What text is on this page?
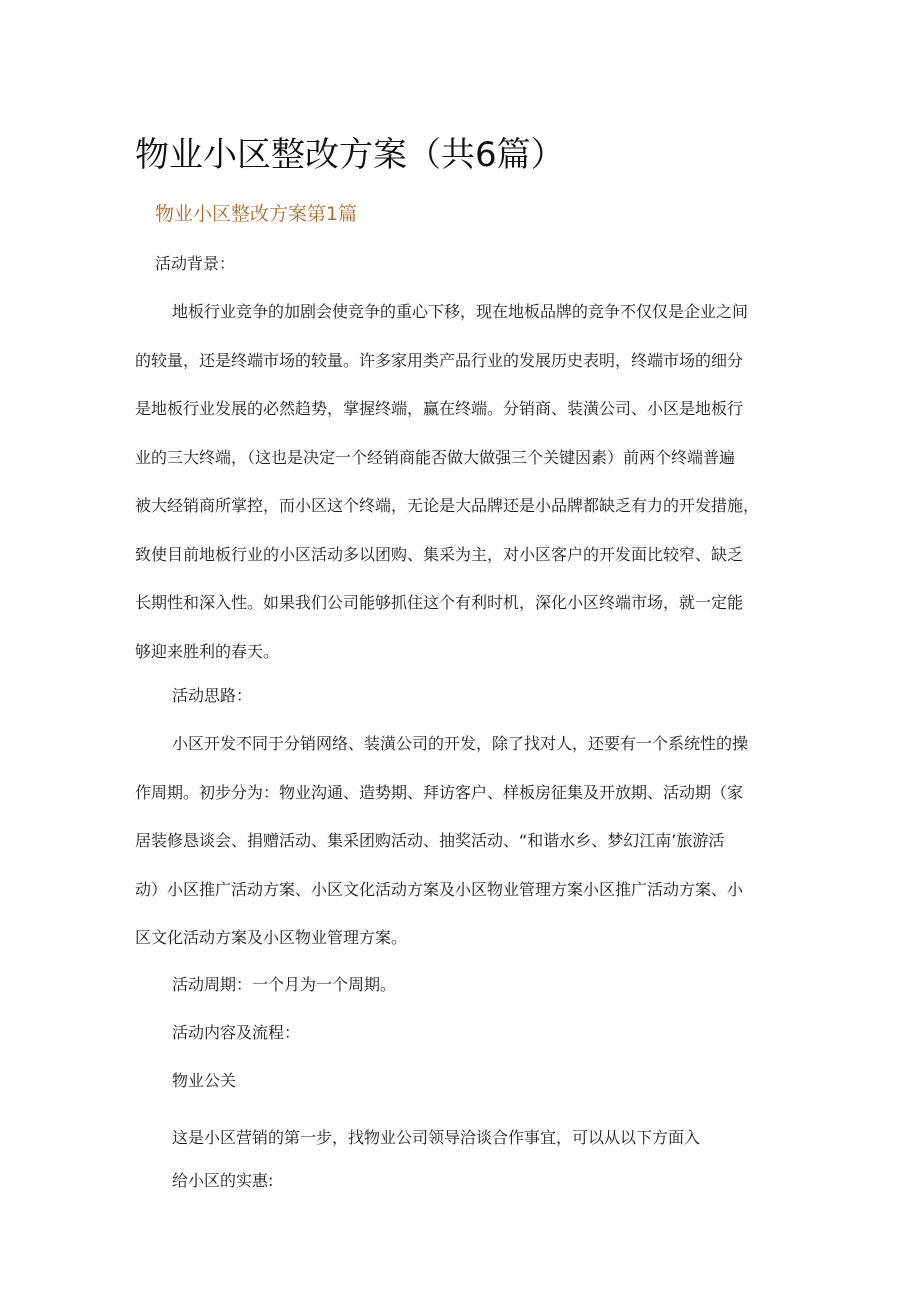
物业小区整改方案（共6篇）
物业小区整改方案第1篇

活动背景：

地板行业竞争的加剧会使竞争的重心下移，现在地板品牌的竞争不仅仅是企业之间
的较量，还是终端市场的较量。许多家用类产品行业的发展历史表明，终端市场的细分
是地板行业发展的必然趋势，掌握终端，赢在终端。分销商、装潢公司、小区是地板行
业的三大终端，（这也是决定一个经销商能否做大做强三个关键因素）前两个终端普遍
被大经销商所掌控，而小区这个终端，无论是大品牌还是小品牌都缺乏有力的开发措施，
致使目前地板行业的小区活动多以团购、集采为主，对小区客户的开发面比较窄、缺乏
长期性和深入性。如果我们公司能够抓住这个有利时机，深化小区终端市场，就一定能
够迎来胜利的春天。

活动思路：

小区开发不同于分销网络、装潢公司的开发，除了找对人，还要有一个系统性的操
作周期。初步分为：物业沟通、造势期、拜访客户、样板房征集及开放期、活动期（家
居装修恳谈会、捐赠活动、集采团购活动、抽奖活动、“和谐水乡、梦幻江南’旅游活
动）小区推广活动方案、小区文化活动方案及小区物业管理方案小区推广活动方案、小
区文化活动方案及小区物业管理方案。

活动周期：一个月为一个周期。

活动内容及流程：

物业公关

这是小区营销的第一步，找物业公司领导洽谈合作事宜，可以从以下方面入

给小区的实惠:
